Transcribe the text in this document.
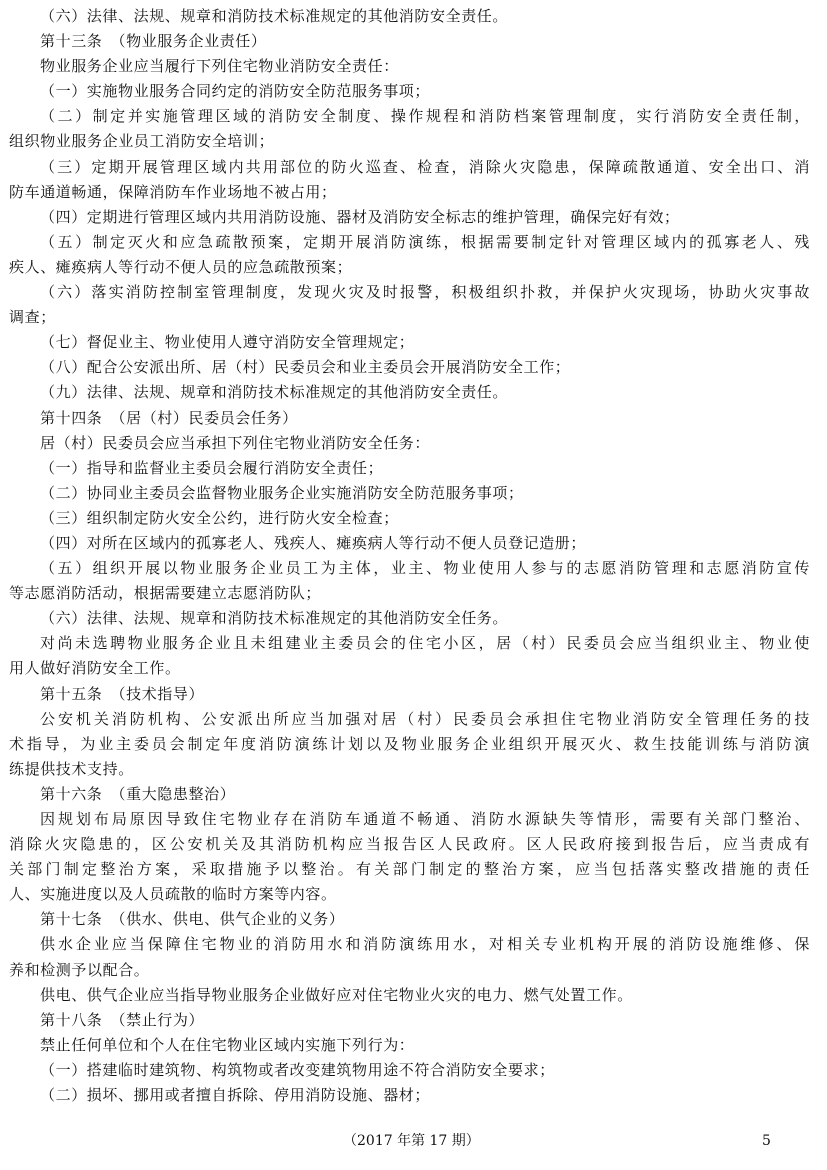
（六）法律、法规、规章和消防技术标准规定的其他消防安全责任。
第十三条　（物业服务企业责任）
物业服务企业应当履行下列住宅物业消防安全责任：
（一）实施物业服务合同约定的消防安全防范服务事项；
（二）制定并实施管理区域的消防安全制度、操作规程和消防档案管理制度，实行消防安全责任制，
组织物业服务企业员工消防安全培训；
（三）定期开展管理区域内共用部位的防火巡查、检查，消除火灾隐患，保障疏散通道、安全出口、消
防车通道畅通，保障消防车作业场地不被占用；
（四）定期进行管理区域内共用消防设施、器材及消防安全标志的维护管理，确保完好有效；
（五）制定灭火和应急疏散预案，定期开展消防演练，根据需要制定针对管理区域内的孤寡老人、残
疾人、瘫痪病人等行动不便人员的应急疏散预案；
（六）落实消防控制室管理制度，发现火灾及时报警，积极组织扑救，并保护火灾现场，协助火灾事故
调查；
（七）督促业主、物业使用人遵守消防安全管理规定；
（八）配合公安派出所、居（村）民委员会和业主委员会开展消防安全工作；
（九）法律、法规、规章和消防技术标准规定的其他消防安全责任。
第十四条　（居（村）民委员会任务）
居（村）民委员会应当承担下列住宅物业消防安全任务：
（一）指导和监督业主委员会履行消防安全责任；
（二）协同业主委员会监督物业服务企业实施消防安全防范服务事项；
（三）组织制定防火安全公约，进行防火安全检查；
（四）对所在区域内的孤寡老人、残疾人、瘫痪病人等行动不便人员登记造册；
（五）组织开展以物业服务企业员工为主体，业主、物业使用人参与的志愿消防管理和志愿消防宣传
等志愿消防活动，根据需要建立志愿消防队；
（六）法律、法规、规章和消防技术标准规定的其他消防安全任务。
对尚未选聘物业服务企业且未组建业主委员会的住宅小区，居（村）民委员会应当组织业主、物业使
用人做好消防安全工作。
第十五条　（技术指导）
公安机关消防机构、公安派出所应当加强对居（村）民委员会承担住宅物业消防安全管理任务的技
术指导，为业主委员会制定年度消防演练计划以及物业服务企业组织开展灭火、救生技能训练与消防演
练提供技术支持。
第十六条　（重大隐患整治）
因规划布局原因导致住宅物业存在消防车通道不畅通、消防水源缺失等情形，需要有关部门整治、
消除火灾隐患的，区公安机关及其消防机构应当报告区人民政府。区人民政府接到报告后，应当责成有
关部门制定整治方案，采取措施予以整治。有关部门制定的整治方案，应当包括落实整改措施的责任
人、实施进度以及人员疏散的临时方案等内容。
第十七条　（供水、供电、供气企业的义务）
供水企业应当保障住宅物业的消防用水和消防演练用水，对相关专业机构开展的消防设施维修、保
养和检测予以配合。
供电、供气企业应当指导物业服务企业做好应对住宅物业火灾的电力、燃气处置工作。
第十八条　（禁止行为）
禁止任何单位和个人在住宅物业区域内实施下列行为：
（一）搭建临时建筑物、构筑物或者改变建筑物用途不符合消防安全要求；
（二）损坏、挪用或者擅自拆除、停用消防设施、器材；
（2017 年第 17 期）	5
